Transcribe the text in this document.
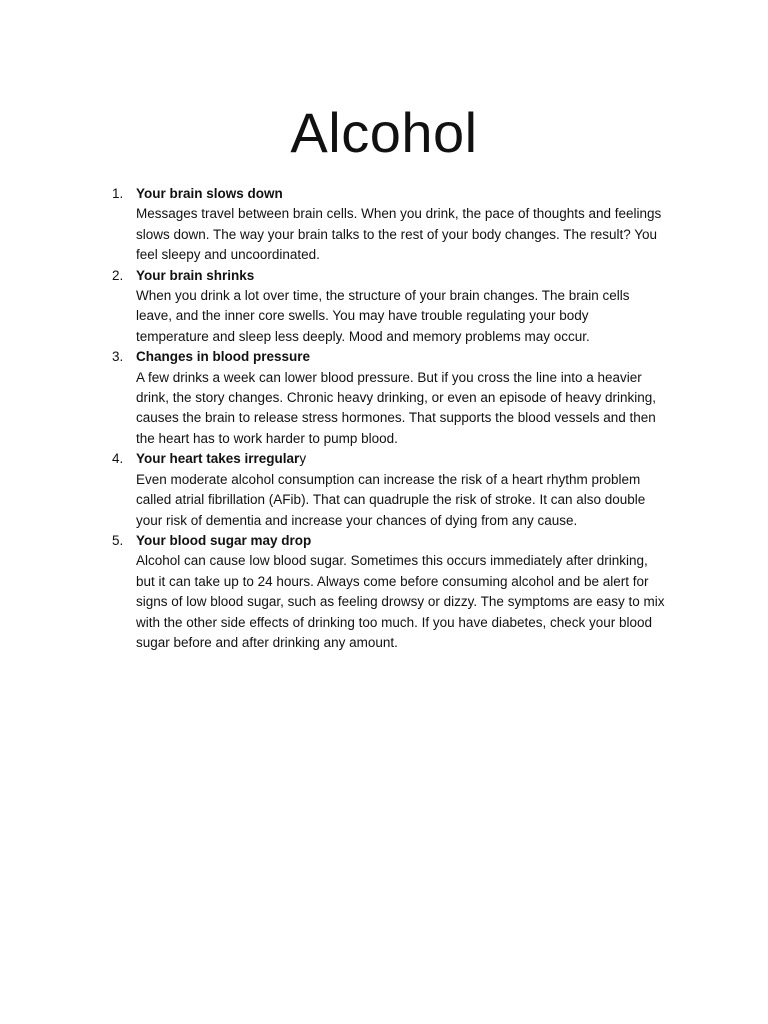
Alcohol
1. Your brain slows down
Messages travel between brain cells. When you drink, the pace of thoughts and feelings
slows down. The way your brain talks to the rest of your body changes. The result? You
feel sleepy and uncoordinated.
2. Your brain shrinks
When you drink a lot over time, the structure of your brain changes. The brain cells
leave, and the inner core swells. You may have trouble regulating your body
temperature and sleep less deeply. Mood and memory problems may occur.
3. Changes in blood pressure
A few drinks a week can lower blood pressure. But if you cross the line into a heavier
drink, the story changes. Chronic heavy drinking, or even an episode of heavy drinking,
causes the brain to release stress hormones. That supports the blood vessels and then
the heart has to work harder to pump blood.
4. Your heart takes irregulary
Even moderate alcohol consumption can increase the risk of a heart rhythm problem
called atrial fibrillation (AFib). That can quadruple the risk of stroke. It can also double
your risk of dementia and increase your chances of dying from any cause.
5. Your blood sugar may drop
Alcohol can cause low blood sugar. Sometimes this occurs immediately after drinking,
but it can take up to 24 hours. Always come before consuming alcohol and be alert for
signs of low blood sugar, such as feeling drowsy or dizzy. The symptoms are easy to mix
with the other side effects of drinking too much. If you have diabetes, check your blood
sugar before and after drinking any amount.
